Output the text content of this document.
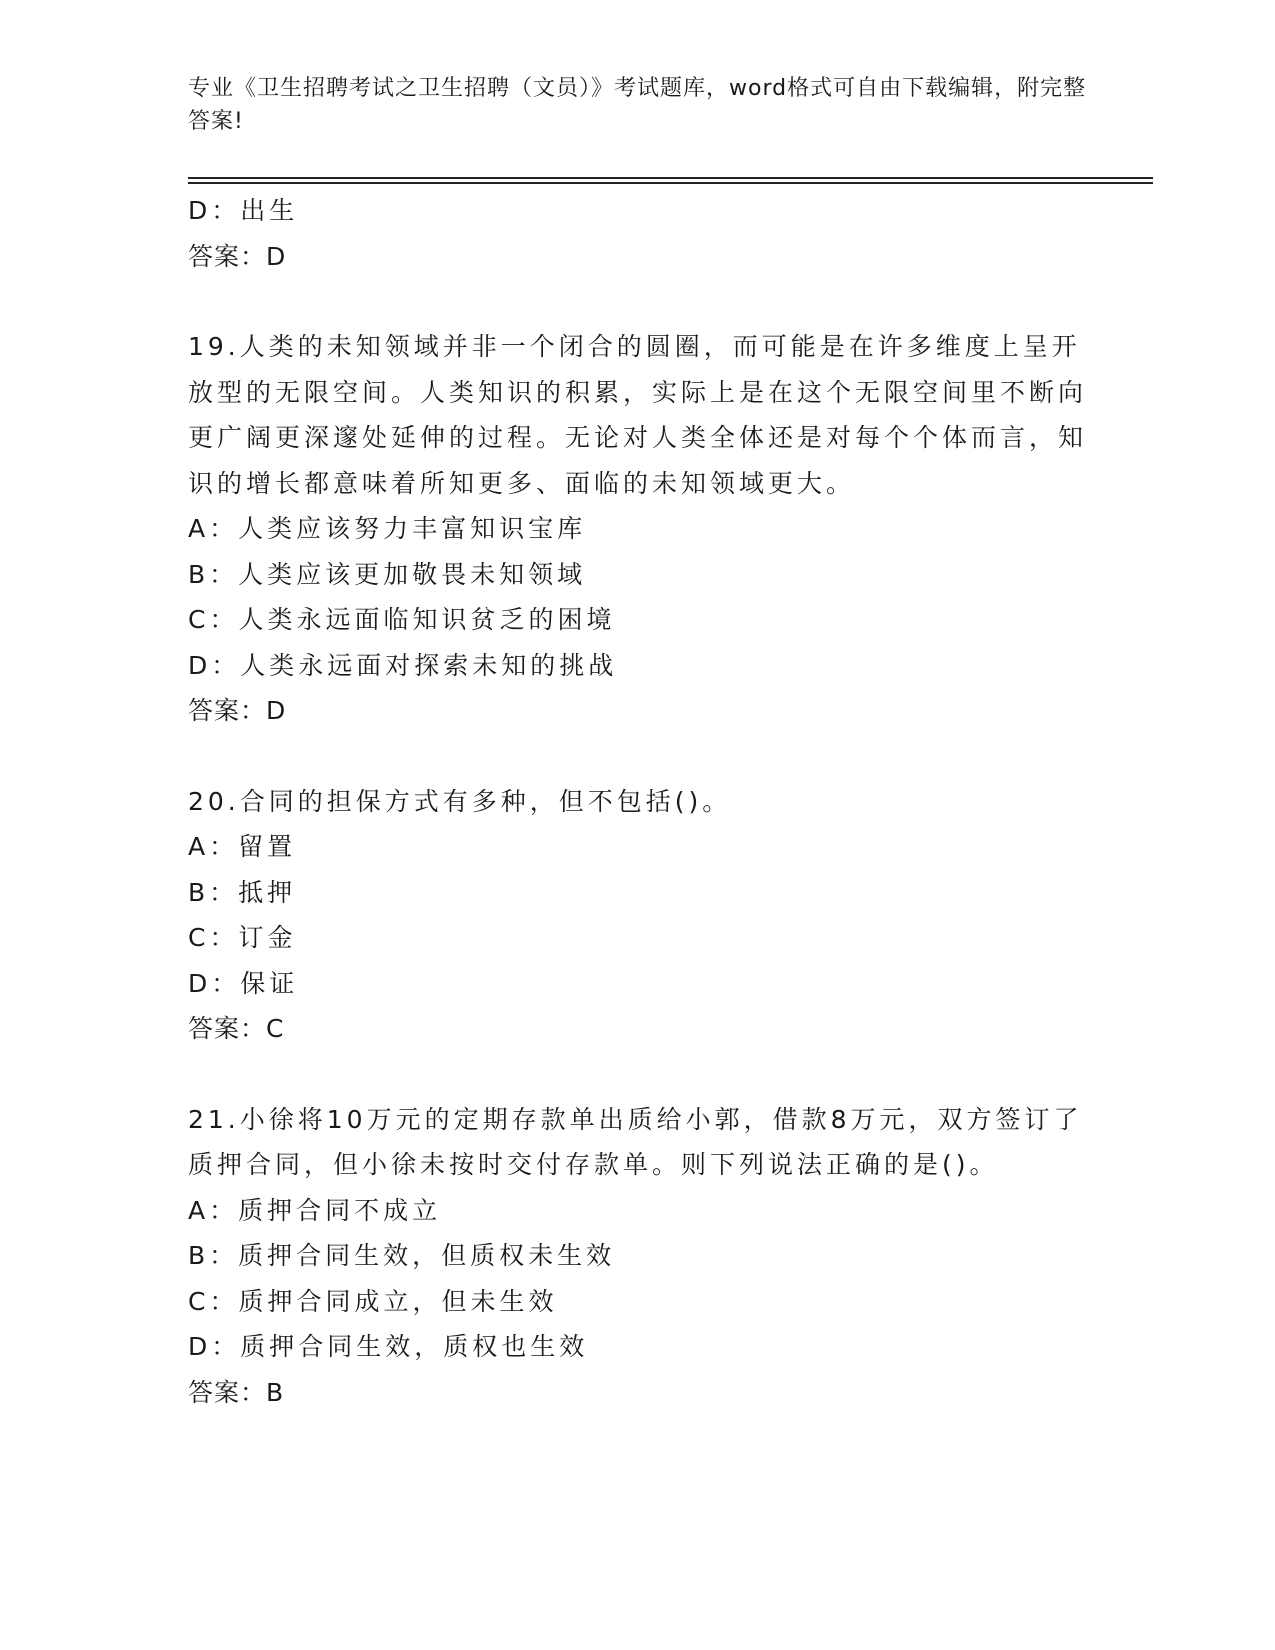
专业《卫生招聘考试之卫生招聘（文员）》考试题库，word格式可自由下载编辑，附完整答案!
D：出生
答案：D
19.人类的未知领域并非一个闭合的圆圈，而可能是在许多维度上呈开放型的无限空间。人类知识的积累，实际上是在这个无限空间里不断向更广阔更深邃处延伸的过程。无论对人类全体还是对每个个体而言，知识的增长都意味着所知更多、面临的未知领域更大。
A：人类应该努力丰富知识宝库
B：人类应该更加敬畏未知领域
C：人类永远面临知识贫乏的困境
D：人类永远面对探索未知的挑战
答案：D
20.合同的担保方式有多种，但不包括()。
A：留置
B：抵押
C：订金
D：保证
答案：C
21.小徐将10万元的定期存款单出质给小郭，借款8万元，双方签订了质押合同，但小徐未按时交付存款单。则下列说法正确的是()。
A：质押合同不成立
B：质押合同生效，但质权未生效
C：质押合同成立，但未生效
D：质押合同生效，质权也生效
答案：B
